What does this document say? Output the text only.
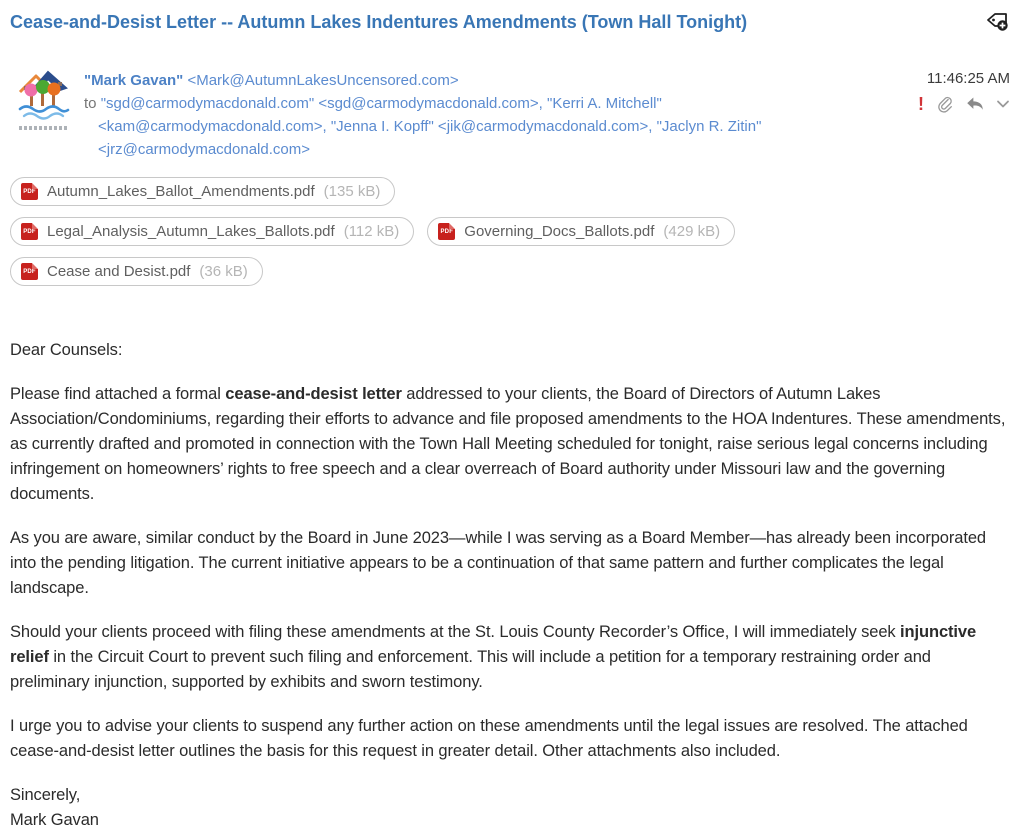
Cease-and-Desist Letter -- Autumn Lakes Indentures Amendments (Town Hall Tonight)
"Mark Gavan" <Mark@AutumnLakesUncensored.com>
to "sgd@carmodymacdonald.com" <sgd@carmodymacdonald.com>, "Kerri A. Mitchell"
<kam@carmodymacdonald.com>, "Jenna I. Kopff" <jik@carmodymacdonald.com>, "Jaclyn R. Zitin"
<jrz@carmodymacdonald.com>
11:46:25 AM
!
PDF Autumn_Lakes_Ballot_Amendments.pdf (135 kB)
PDF Legal_Analysis_Autumn_Lakes_Ballots.pdf (112 kB)	PDF Governing_Docs_Ballots.pdf (429 kB)
PDF Cease and Desist.pdf (36 kB)

Dear Counsels:

Please find attached a formal cease-and-desist letter addressed to your clients, the Board of Directors of Autumn Lakes Association/Condominiums, regarding their efforts to advance and file proposed amendments to the HOA Indentures. These amendments, as currently drafted and promoted in connection with the Town Hall Meeting scheduled for tonight, raise serious legal concerns including infringement on homeowners’ rights to free speech and a clear overreach of Board authority under Missouri law and the governing documents.

As you are aware, similar conduct by the Board in June 2023—while I was serving as a Board Member—has already been incorporated into the pending litigation. The current initiative appears to be a continuation of that same pattern and further complicates the legal landscape.

Should your clients proceed with filing these amendments at the St. Louis County Recorder’s Office, I will immediately seek injunctive relief in the Circuit Court to prevent such filing and enforcement. This will include a petition for a temporary restraining order and preliminary injunction, supported by exhibits and sworn testimony.

I urge you to advise your clients to suspend any further action on these amendments until the legal issues are resolved. The attached cease-and-desist letter outlines the basis for this request in greater detail. Other attachments also included.

Sincerely,

Mark Gavan
